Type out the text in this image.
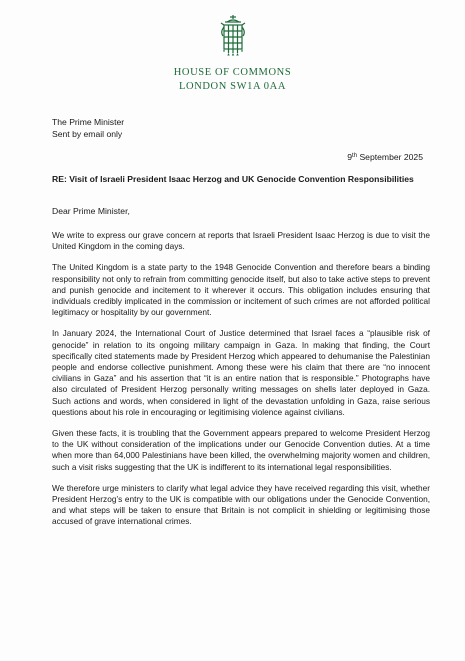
HOUSE OF COMMONS
LONDON SW1A 0AA
The Prime Minister
Sent by email only
9th September 2025
RE: Visit of Israeli President Isaac Herzog and UK Genocide Convention Responsibilities
Dear Prime Minister,

We write to express our grave concern at reports that Israeli President Isaac Herzog is due to visit the United Kingdom in the coming days.

The United Kingdom is a state party to the 1948 Genocide Convention and therefore bears a binding responsibility not only to refrain from committing genocide itself, but also to take active steps to prevent and punish genocide and incitement to it wherever it occurs. This obligation includes ensuring that individuals credibly implicated in the commission or incitement of such crimes are not afforded political legitimacy or hospitality by our government.

In January 2024, the International Court of Justice determined that Israel faces a “plausible risk of genocide” in relation to its ongoing military campaign in Gaza. In making that finding, the Court specifically cited statements made by President Herzog which appeared to dehumanise the Palestinian people and endorse collective punishment. Among these were his claim that there are “no innocent civilians in Gaza” and his assertion that “it is an entire nation that is responsible.” Photographs have also circulated of President Herzog personally writing messages on shells later deployed in Gaza. Such actions and words, when considered in light of the devastation unfolding in Gaza, raise serious questions about his role in encouraging or legitimising violence against civilians.

Given these facts, it is troubling that the Government appears prepared to welcome President Herzog to the UK without consideration of the implications under our Genocide Convention duties. At a time when more than 64,000 Palestinians have been killed, the overwhelming majority women and children, such a visit risks suggesting that the UK is indifferent to its international legal responsibilities.

We therefore urge ministers to clarify what legal advice they have received regarding this visit, whether President Herzog’s entry to the UK is compatible with our obligations under the Genocide Convention, and what steps will be taken to ensure that Britain is not complicit in shielding or legitimising those accused of grave international crimes.
